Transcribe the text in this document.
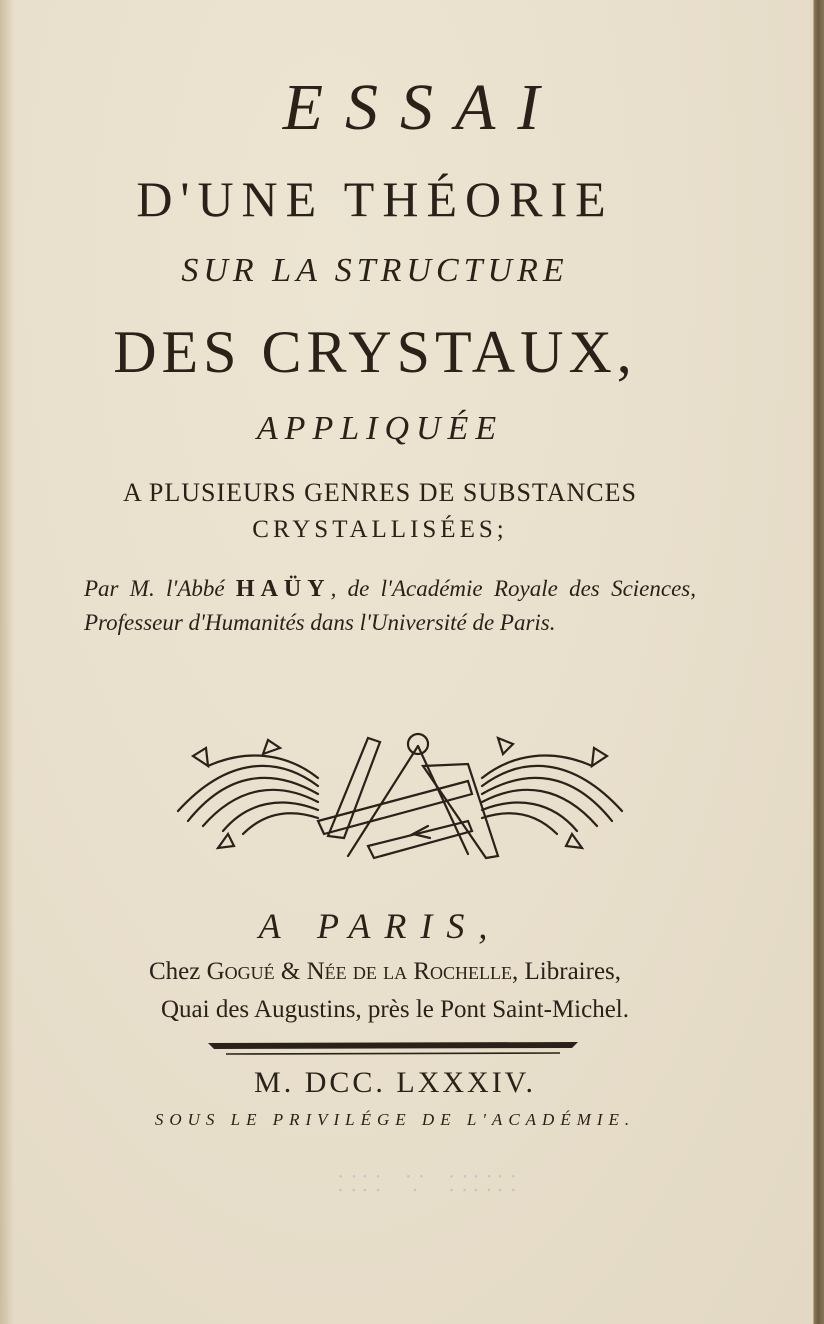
ESSAI
D'UNE THÉORIE
SUR LA STRUCTURE
DES CRYSTAUX,
APPLIQUÉE
A PLUSIEURS GENRES DE SUBSTANCES
CRYSTALLISÉES;
Par M. l'Abbé HAÜY, de l'Académie Royale des Sciences, Professeur d'Humanités dans l'Université de Paris.
A PARIS,
Chez Gogué & Née de la Rochelle, Libraires,
Quai des Augustins, près le Pont Saint-Michel.
M. DCC. LXXXIV.
SOUS LE PRIVILÉGE DE L'ACADÉMIE.
⸬⸬ ⸪ ⸬⸬⸬
